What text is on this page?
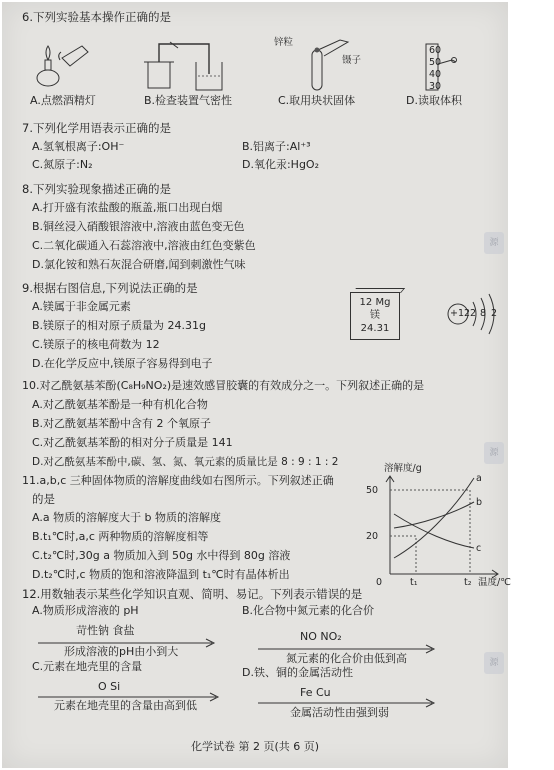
6.下列实验基本操作正确的是
A.点燃酒精灯	B.检查装置气密性
锌粒
镊子
C.取用块状固体
60
50
40
30
D.读取体积
7.下列化学用语表示正确的是
A.氢氧根离子:OH⁻	B.铝离子:Al⁺³
C.氮原子:N₂	D.氧化汞:HgO₂
8.下列实验现象描述正确的是
A.打开盛有浓盐酸的瓶盖,瓶口出现白烟
B.铜丝浸入硝酸银溶液中,溶液由蓝色变无色
C.二氧化碳通入石蕊溶液中,溶液由红色变紫色
D.氯化铵和熟石灰混合研磨,闻到刺激性气味
源
9.根据右图信息,下列说法正确的是
A.镁属于非金属元素
B.镁原子的相对原子质量为 24.31g
C.镁原子的核电荷数为 12
D.在化学反应中,镁原子容易得到电子
12 Mg
镁
24.31
+12 2 8 2
10.对乙酰氨基苯酚(C₈H₉NO₂)是速效感冒胶囊的有效成分之一。下列叙述正确的是
A.对乙酰氨基苯酚是一种有机化合物
B.对乙酰氨基苯酚中含有 2 个氧原子
C.对乙酰氨基苯酚的相对分子质量是 141
D.对乙酰氨基苯酚中,碳、氢、氮、氧元素的质量比是 8 : 9 : 1 : 2
源
11.a,b,c 三种固体物质的溶解度曲线如右图所示。下列叙述正确
的是
A.a 物质的溶解度大于 b 物质的溶解度
B.t₁℃时,a,c 两种物质的溶解度相等
C.t₂℃时,30g a 物质加入到 50g 水中得到 80g 溶液
D.t₂℃时,c 物质的饱和溶液降温到 t₁℃时有晶体析出
溶解度/g
50
20
0	t₁	t₂ 温度/℃
a
b
c
12.用数轴表示某些化学知识直观、简明、易记。下列表示错误的是
A.物质形成溶液的 pH
苛性钠 食盐
形成溶液的pH由小到大
B.化合物中氮元素的化合价
NO NO₂
氮元素的化合价由低到高
C.元素在地壳里的含量
O Si
元素在地壳里的含量由高到低
D.铁、铜的金属活动性
Fe Cu
金属活动性由强到弱
源
化学试卷 第 2 页(共 6 页)
